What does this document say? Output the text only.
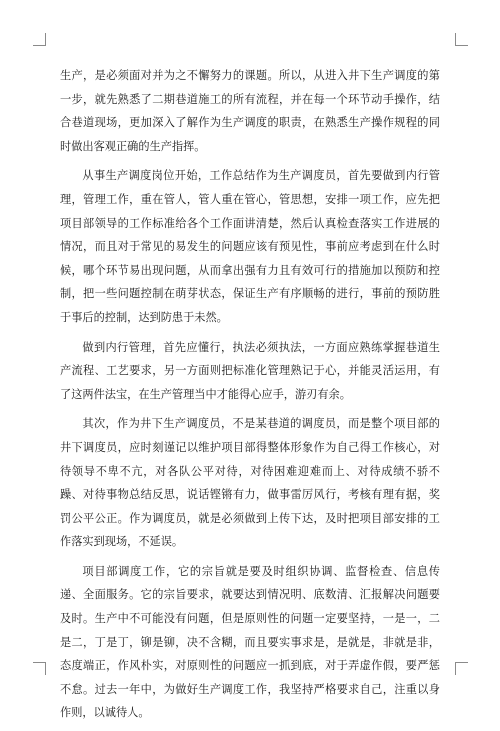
生产，是必须面对并为之不懈努力的课题。所以，从进入井下生产调度的第一步，就先熟悉了二期巷道施工的所有流程，并在每一个环节动手操作，结合巷道现场，更加深入了解作为生产调度的职责，在熟悉生产操作规程的同时做出客观正确的生产指挥。

从事生产调度岗位开始，工作总结作为生产调度员，首先要做到内行管理，管理工作，重在管人，管人重在管心，管思想，安排一项工作，应先把项目部领导的工作标准给各个工作面讲清楚，然后认真检查落实工作进展的情况，而且对于常见的易发生的问题应该有预见性，事前应考虑到在什么时候，哪个环节易出现问题，从而拿出强有力且有效可行的措施加以预防和控制，把一些问题控制在萌芽状态，保证生产有序顺畅的进行，事前的预防胜于事后的控制，达到防患于未然。

做到内行管理，首先应懂行，执法必须执法，一方面应熟练掌握巷道生产流程、工艺要求，另一方面则把标准化管理熟记于心，并能灵活运用，有了这两件法宝，在生产管理当中才能得心应手，游刃有余。

其次，作为井下生产调度员，不是某巷道的调度员，而是整个项目部的井下调度员，应时刻谨记以维护项目部得整体形象作为自己得工作核心，对待领导不卑不亢，对各队公平对待，对待困难迎难而上、对待成绩不骄不躁、对待事物总结反思，说话铿锵有力，做事雷厉风行，考核有理有据，奖罚公平公正。作为调度员，就是必须做到上传下达，及时把项目部安排的工作落实到现场，不延误。

项目部调度工作，它的宗旨就是要及时组织协调、监督检查、信息传递、全面服务。它的宗旨要求，就要达到情况明、底数清、汇报解决问题要及时。生产中不可能没有问题，但是原则性的问题一定要坚持，一是一，二是二，丁是丁，铆是铆，决不含糊，而且要实事求是，是就是，非就是非，态度端正，作风朴实，对原则性的问题应一抓到底，对于弄虚作假，要严惩不怠。过去一年中，为做好生产调度工作，我坚持严格要求自己，注重以身作则，以诚待人。
